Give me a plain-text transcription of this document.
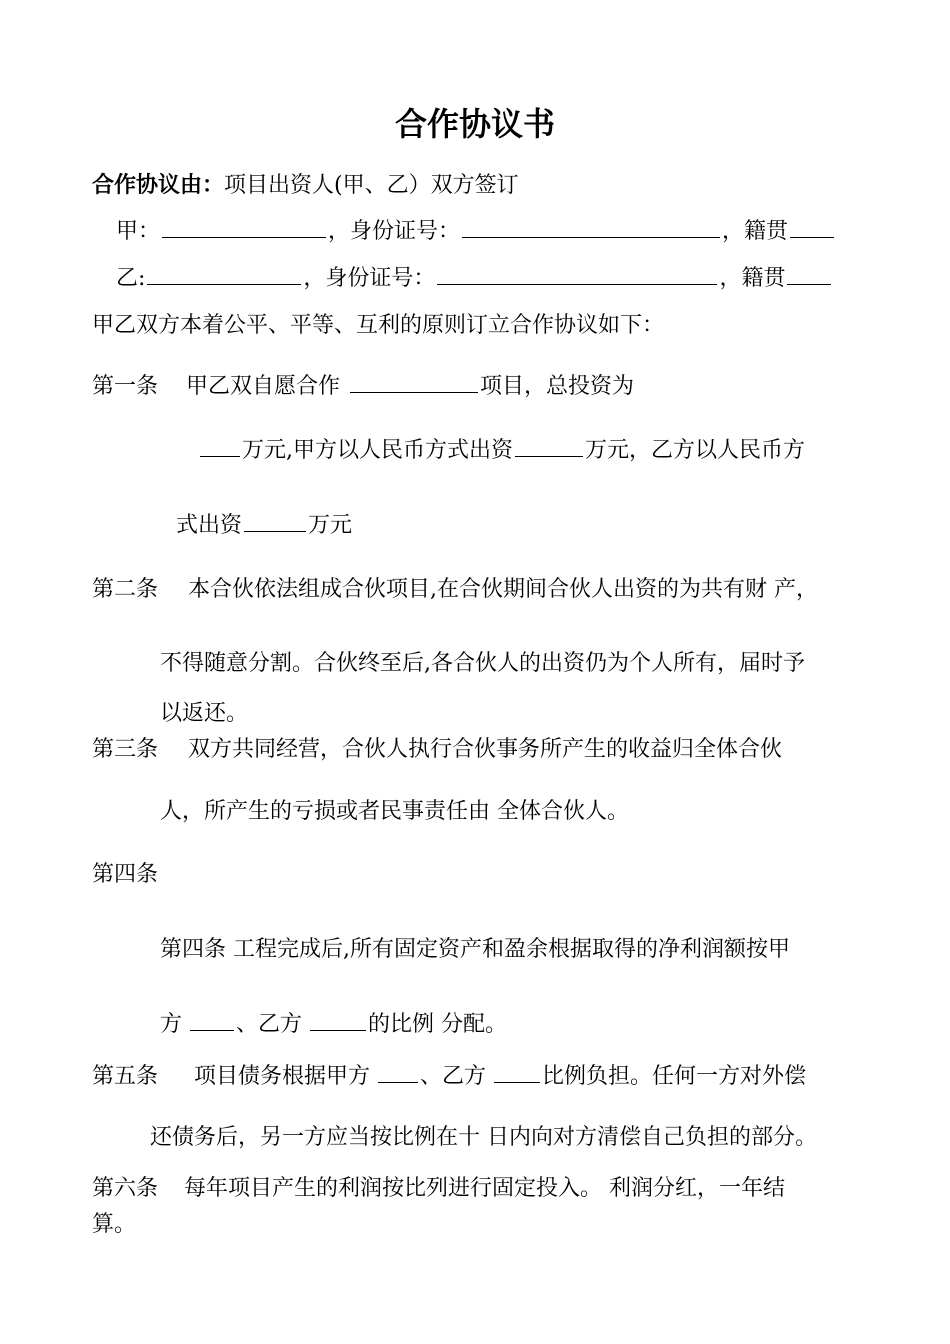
合作协议书
合作协议由：项目出资人(甲、乙）双方签订
甲：	，身份证号：	，籍贯
乙:	，身份证号：	，籍贯
甲乙双方本着公平、平等、互利的原则订立合作协议如下：
第一条 甲乙双自愿合作	项目，总投资为
万元,甲方以人民币方式出资	万元，乙方以人民币方
式出资	万元
第二条 本合伙依法组成合伙项目,在合伙期间合伙人出资的为共有财 产，
不得随意分割。合伙终至后,各合伙人的出资仍为个人所有，届时予
以返还。
第三条 双方共同经营，合伙人执行合伙事务所产生的收益归全体合伙
人，所产生的亏损或者民事责任由 全体合伙人。
第四条
第四条 工程完成后,所有固定资产和盈余根据取得的净利润额按甲
方 、乙方	的比例 分配。
第五条 项目债务根据甲方 、乙方	比例负担。任何一方对外偿
还债务后，另一方应当按比例在十 日内向对方清偿自己负担的部分。
第六条 每年项目产生的利润按比列进行固定投入。 利润分红，一年结
算。
